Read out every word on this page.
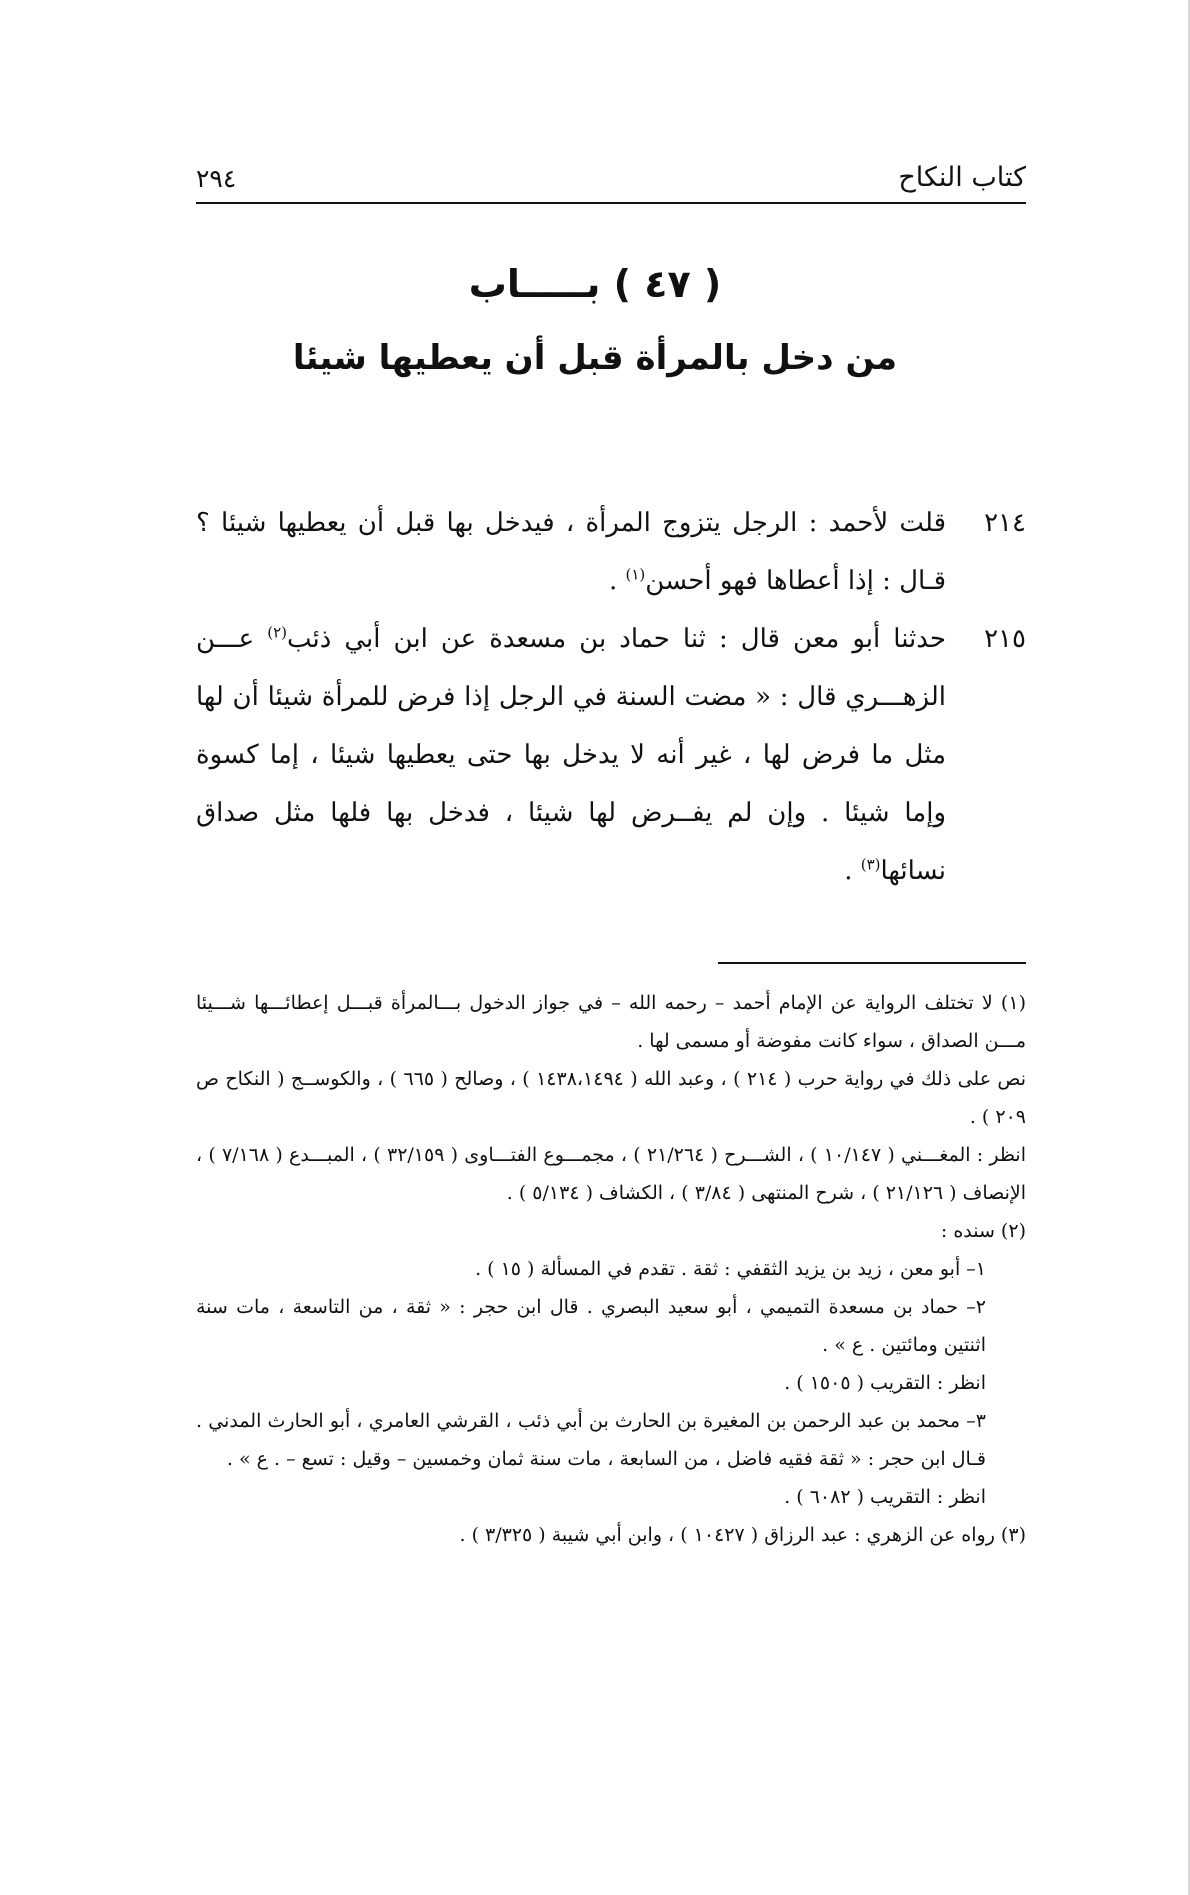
كتاب النكاح
٢٩٤
( ٤٧ ) بـــــاب
من دخل بالمرأة قبل أن يعطيها شيئا
٢١٤
قلت لأحمد : الرجل يتزوج المرأة ، فيدخل بها قبل أن يعطيها شيئا ؟ قـال : إذا أعطاها فهو أحسن$^{(١)}$ .
٢١٥
حدثنا أبو معن قال : ثنا حماد بن مسعدة عن ابن أبي ذئب$^{(٢)}$ عـــن الزهـــري قال : « مضت السنة في الرجل إذا فرض للمرأة شيئا أن لها مثل ما فرض لها ، غير أنه لا يدخل بها حتى يعطيها شيئا ، إما كسوة وإما شيئا . وإن لم يفــرض لها شيئا ، فدخل بها فلها مثل صداق نسائها$^{(٣)}$ .
(١) لا تختلف الرواية عن الإمام أحمد – رحمه الله – في جواز الدخول بـــالمرأة قبـــل إعطائـــها شـــيئا مـــن الصداق ، سواء كانت مفوضة أو مسمى لها .
نص على ذلك في رواية حرب ( ٢١٤ ) ، وعبد الله ( ١٤٣٨،١٤٩٤ ) ، وصالح ( ٦٦٥ ) ، والكوســج ( النكاح ص ٢٠٩ ) .
انظر : المغـــني ( ١٠/١٤٧ ) ، الشـــرح ( ٢١/٢٦٤ ) ، مجمـــوع الفتـــاوى ( ٣٢/١٥٩ ) ، المبـــدع ( ٧/١٦٨ ) ، الإنصاف ( ٢١/١٢٦ ) ، شرح المنتهى ( ٣/٨٤ ) ، الكشاف ( ٥/١٣٤ ) .
(٢) سنده :
١– أبو معن ، زيد بن يزيد الثقفي : ثقة . تقدم في المسألة ( ١٥ ) .
٢– حماد بن مسعدة التميمي ، أبو سعيد البصري . قال ابن حجر : « ثقة ، من التاسعة ، مات سنة اثنتين ومائتين . ع » .
انظر : التقريب ( ١٥٠٥ ) .
٣– محمد بن عبد الرحمن بن المغيرة بن الحارث بن أبي ذئب ، القرشي العامري ، أبو الحارث المدني . قـال ابن حجر : « ثقة فقيه فاضل ، من السابعة ، مات سنة ثمان وخمسين – وقيل : تسع – . ع » .
انظر : التقريب ( ٦٠٨٢ ) .
(٣) رواه عن الزهري : عبد الرزاق ( ١٠٤٢٧ ) ، وابن أبي شيبة ( ٣/٣٢٥ ) .
